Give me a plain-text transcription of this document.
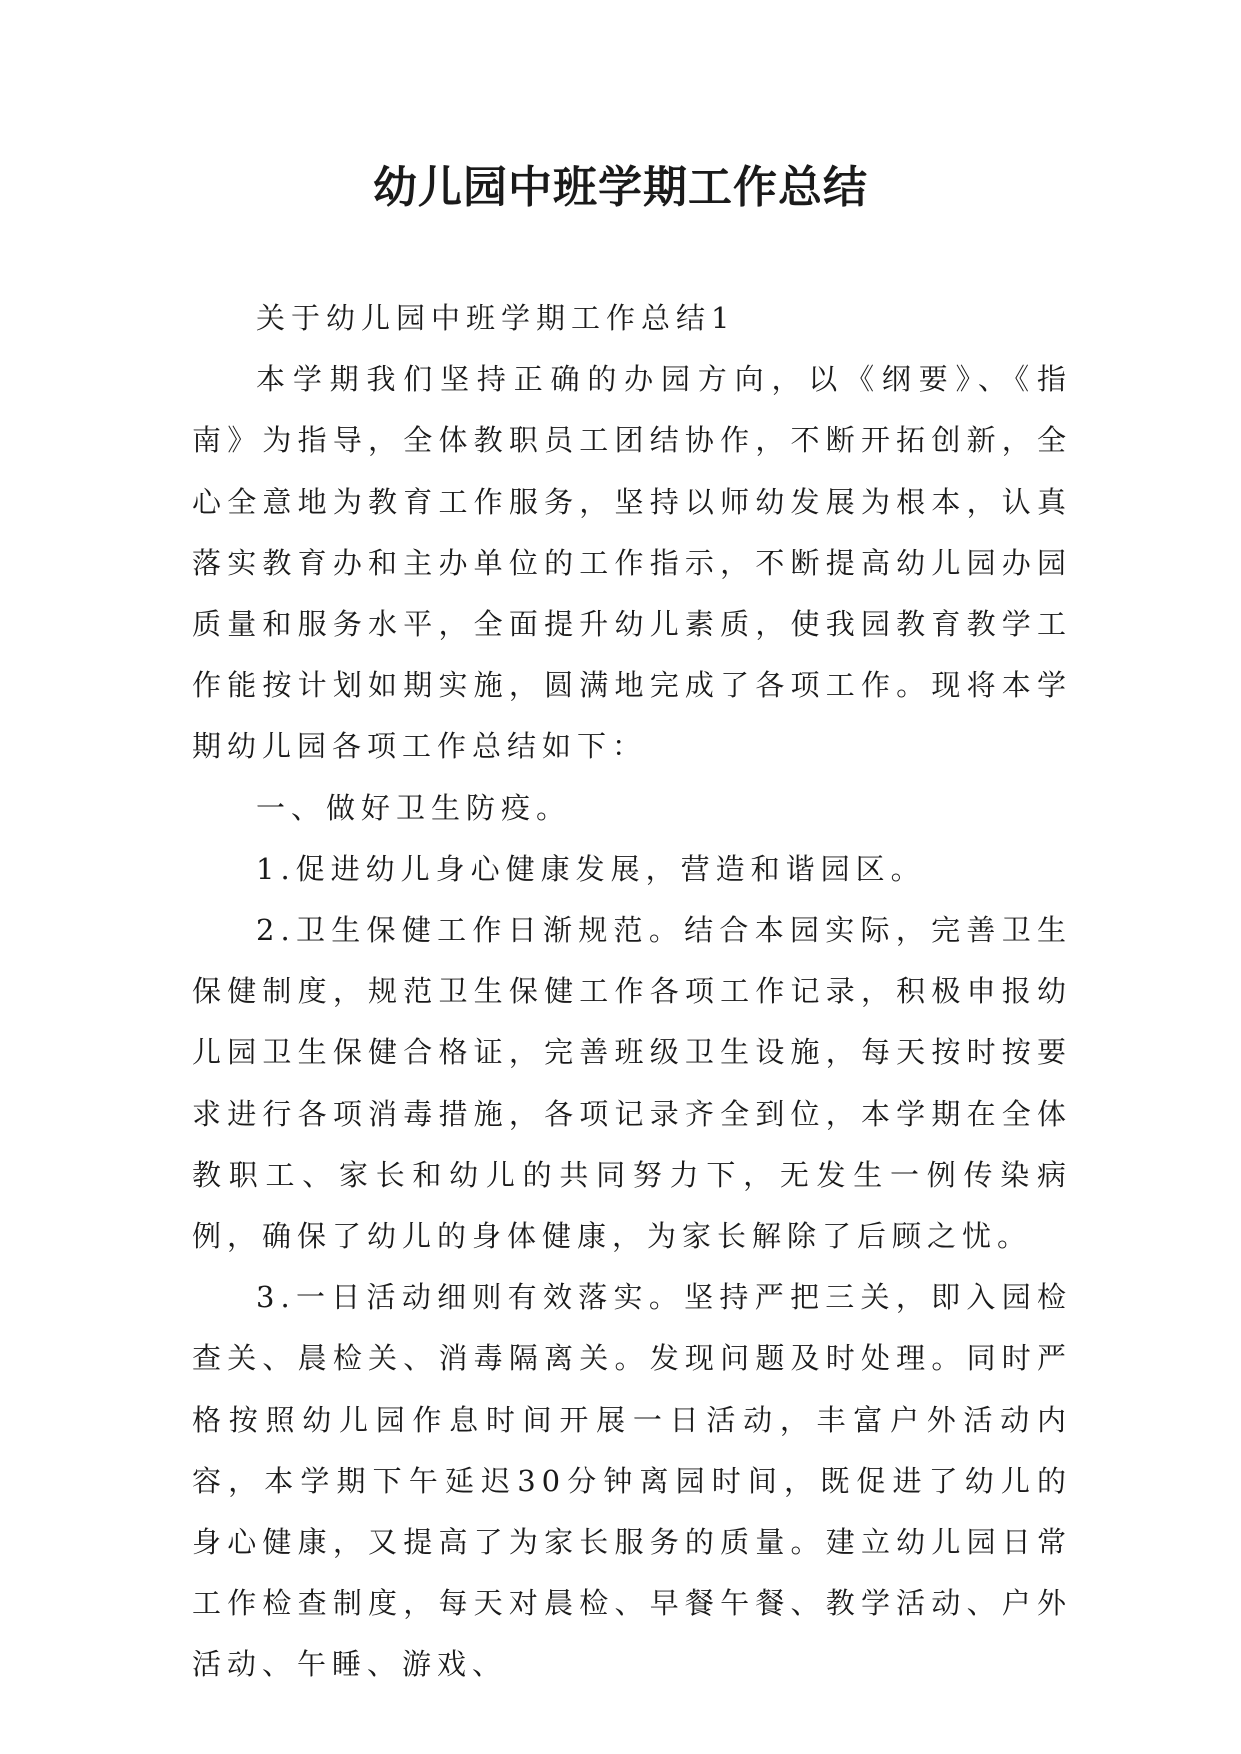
幼儿园中班学期工作总结

关于幼儿园中班学期工作总结1

本学期我们坚持正确的办园方向，以《纲要》、《指南》为指导，全体教职员工团结协作，不断开拓创新，全心全意地为教育工作服务，坚持以师幼发展为根本，认真落实教育办和主办单位的工作指示，不断提高幼儿园办园质量和服务水平，全面提升幼儿素质，使我园教育教学工作能按计划如期实施，圆满地完成了各项工作。现将本学期幼儿园各项工作总结如下：

一、做好卫生防疫。

1.促进幼儿身心健康发展，营造和谐园区。

2.卫生保健工作日渐规范。结合本园实际，完善卫生保健制度，规范卫生保健工作各项工作记录，积极申报幼儿园卫生保健合格证，完善班级卫生设施，每天按时按要求进行各项消毒措施，各项记录齐全到位，本学期在全体教职工、家长和幼儿的共同努力下，无发生一例传染病例，确保了幼儿的身体健康，为家长解除了后顾之忧。

3.一日活动细则有效落实。坚持严把三关，即入园检查关、晨检关、消毒隔离关。发现问题及时处理。同时严格按照幼儿园作息时间开展一日活动，丰富户外活动内容，本学期下午延迟30分钟离园时间，既促进了幼儿的身心健康，又提高了为家长服务的质量。建立幼儿园日常工作检查制度，每天对晨检、早餐午餐、教学活动、户外活动、午睡、游戏、
